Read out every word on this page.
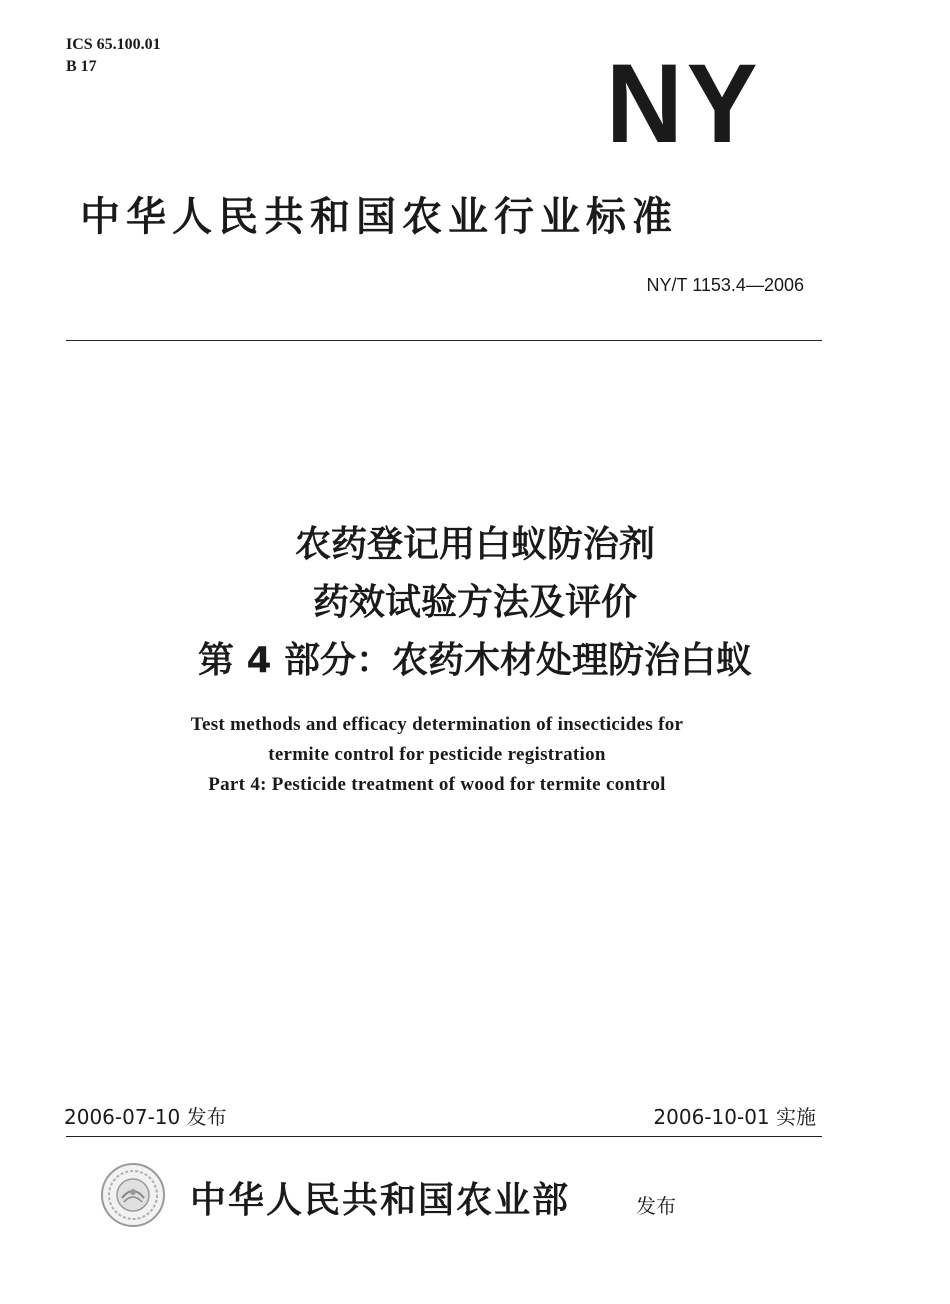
ICS 65.100.01
B 17	NY
中华人民共和国农业行业标准
NY/T 1153.4—2006
农药登记用白蚁防治剂
药效试验方法及评价
第 4 部分：农药木材处理防治白蚁
Test methods and efficacy determination of insecticides for
termite control for pesticide registration
Part 4: Pesticide treatment of wood for termite control
2006-07-10 发布	2006-10-01 实施
中华人民共和国农业部	发布
